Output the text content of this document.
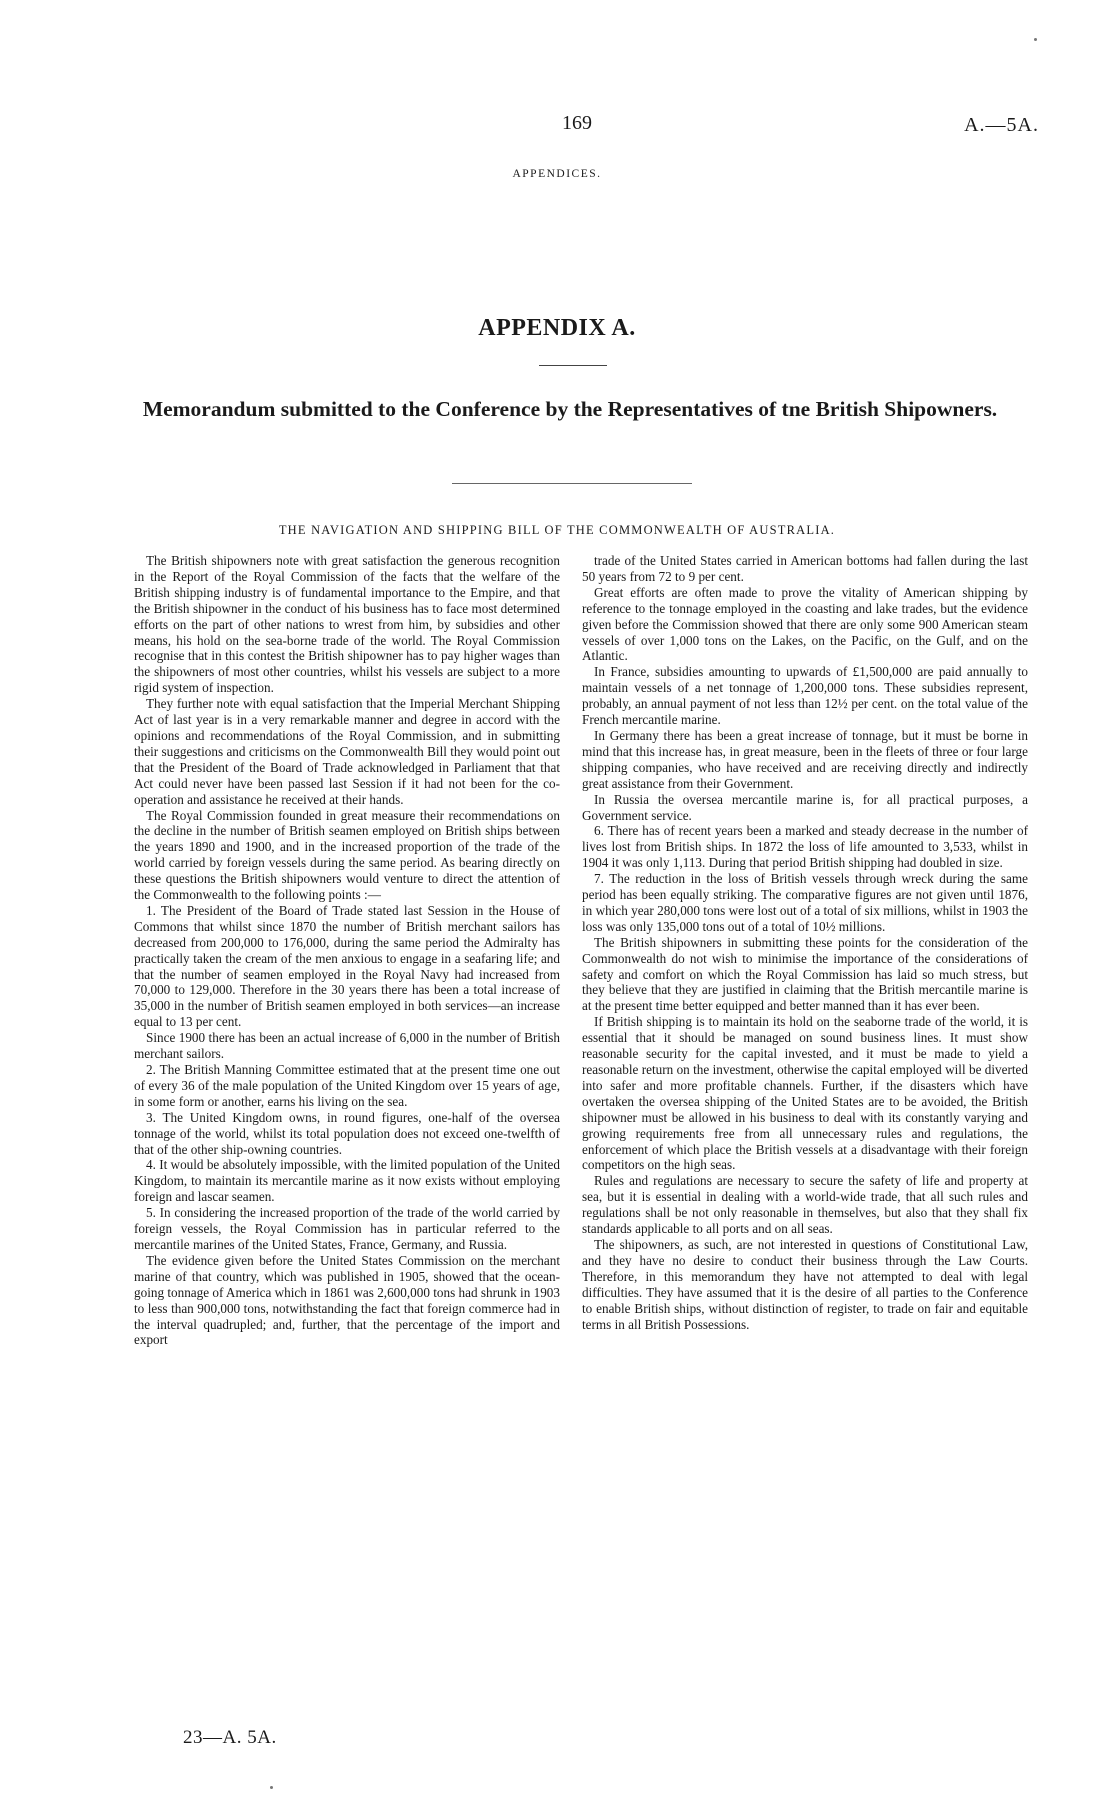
169	A.—5A.
APPENDICES.
APPENDIX A.
Memorandum submitted to the Conference by the Representatives of tne British Shipowners.
THE NAVIGATION AND SHIPPING BILL OF THE COMMONWEALTH OF AUSTRALIA.

The British shipowners note with great satisfaction the generous recognition in the Report of the Royal Commission of the facts that the welfare of the British shipping industry is of fundamental importance to the Empire, and that the British shipowner in the conduct of his business has to face most determined efforts on the part of other nations to wrest from him, by subsidies and other means, his hold on the sea-borne trade of the world. The Royal Commission recognise that in this contest the British shipowner has to pay higher wages than the shipowners of most other countries, whilst his vessels are subject to a more rigid system of inspection.

They further note with equal satisfaction that the Imperial Merchant Shipping Act of last year is in a very remarkable manner and degree in accord with the opinions and recommendations of the Royal Commission, and in submitting their suggestions and criticisms on the Commonwealth Bill they would point out that the President of the Board of Trade acknowledged in Parliament that that Act could never have been passed last Session if it had not been for the co-operation and assistance he received at their hands.

The Royal Commission founded in great measure their recommendations on the decline in the number of British seamen employed on British ships between the years 1890 and 1900, and in the increased proportion of the trade of the world carried by foreign vessels during the same period. As bearing directly on these questions the British shipowners would venture to direct the attention of the Commonwealth to the following points :—

1. The President of the Board of Trade stated last Session in the House of Commons that whilst since 1870 the number of British merchant sailors has decreased from 200,000 to 176,000, during the same period the Admiralty has practically taken the cream of the men anxious to engage in a seafaring life; and that the number of seamen employed in the Royal Navy had increased from 70,000 to 129,000. Therefore in the 30 years there has been a total increase of 35,000 in the number of British seamen employed in both services—an increase equal to 13 per cent.

Since 1900 there has been an actual increase of 6,000 in the number of British merchant sailors.

2. The British Manning Committee estimated that at the present time one out of every 36 of the male population of the United Kingdom over 15 years of age, in some form or another, earns his living on the sea.

3. The United Kingdom owns, in round figures, one-half of the oversea tonnage of the world, whilst its total population does not exceed one-twelfth of that of the other ship-owning countries.

4. It would be absolutely impossible, with the limited population of the United Kingdom, to maintain its mercantile marine as it now exists without employing foreign and lascar seamen.

5. In considering the increased proportion of the trade of the world carried by foreign vessels, the Royal Commission has in particular referred to the mercantile marines of the United States, France, Germany, and Russia.

The evidence given before the United States Commission on the merchant marine of that country, which was published in 1905, showed that the ocean-going tonnage of America which in 1861 was 2,600,000 tons had shrunk in 1903 to less than 900,000 tons, notwithstanding the fact that foreign commerce had in the interval quadrupled; and, further, that the percentage of the import and export

trade of the United States carried in American bottoms had fallen during the last 50 years from 72 to 9 per cent.

Great efforts are often made to prove the vitality of American shipping by reference to the tonnage employed in the coasting and lake trades, but the evidence given before the Commission showed that there are only some 900 American steam vessels of over 1,000 tons on the Lakes, on the Pacific, on the Gulf, and on the Atlantic.

In France, subsidies amounting to upwards of £1,500,000 are paid annually to maintain vessels of a net tonnage of 1,200,000 tons. These subsidies represent, probably, an annual payment of not less than 12½ per cent. on the total value of the French mercantile marine.

In Germany there has been a great increase of tonnage, but it must be borne in mind that this increase has, in great measure, been in the fleets of three or four large shipping companies, who have received and are receiving directly and indirectly great assistance from their Government.

In Russia the oversea mercantile marine is, for all practical purposes, a Government service.

6. There has of recent years been a marked and steady decrease in the number of lives lost from British ships. In 1872 the loss of life amounted to 3,533, whilst in 1904 it was only 1,113. During that period British shipping had doubled in size.

7. The reduction in the loss of British vessels through wreck during the same period has been equally striking. The comparative figures are not given until 1876, in which year 280,000 tons were lost out of a total of six millions, whilst in 1903 the loss was only 135,000 tons out of a total of 10½ millions.

The British shipowners in submitting these points for the consideration of the Commonwealth do not wish to minimise the importance of the considerations of safety and comfort on which the Royal Commission has laid so much stress, but they believe that they are justified in claiming that the British mercantile marine is at the present time better equipped and better manned than it has ever been.

If British shipping is to maintain its hold on the seaborne trade of the world, it is essential that it should be managed on sound business lines. It must show reasonable security for the capital invested, and it must be made to yield a reasonable return on the investment, otherwise the capital employed will be diverted into safer and more profitable channels. Further, if the disasters which have overtaken the oversea shipping of the United States are to be avoided, the British shipowner must be allowed in his business to deal with its constantly varying and growing requirements free from all unnecessary rules and regulations, the enforcement of which place the British vessels at a disadvantage with their foreign competitors on the high seas.

Rules and regulations are necessary to secure the safety of life and property at sea, but it is essential in dealing with a world-wide trade, that all such rules and regulations shall be not only reasonable in themselves, but also that they shall fix standards applicable to all ports and on all seas.

The shipowners, as such, are not interested in questions of Constitutional Law, and they have no desire to conduct their business through the Law Courts. Therefore, in this memorandum they have not attempted to deal with legal difficulties. They have assumed that it is the desire of all parties to the Conference to enable British ships, without distinction of register, to trade on fair and equitable terms in all British Possessions.

23—A. 5A.
